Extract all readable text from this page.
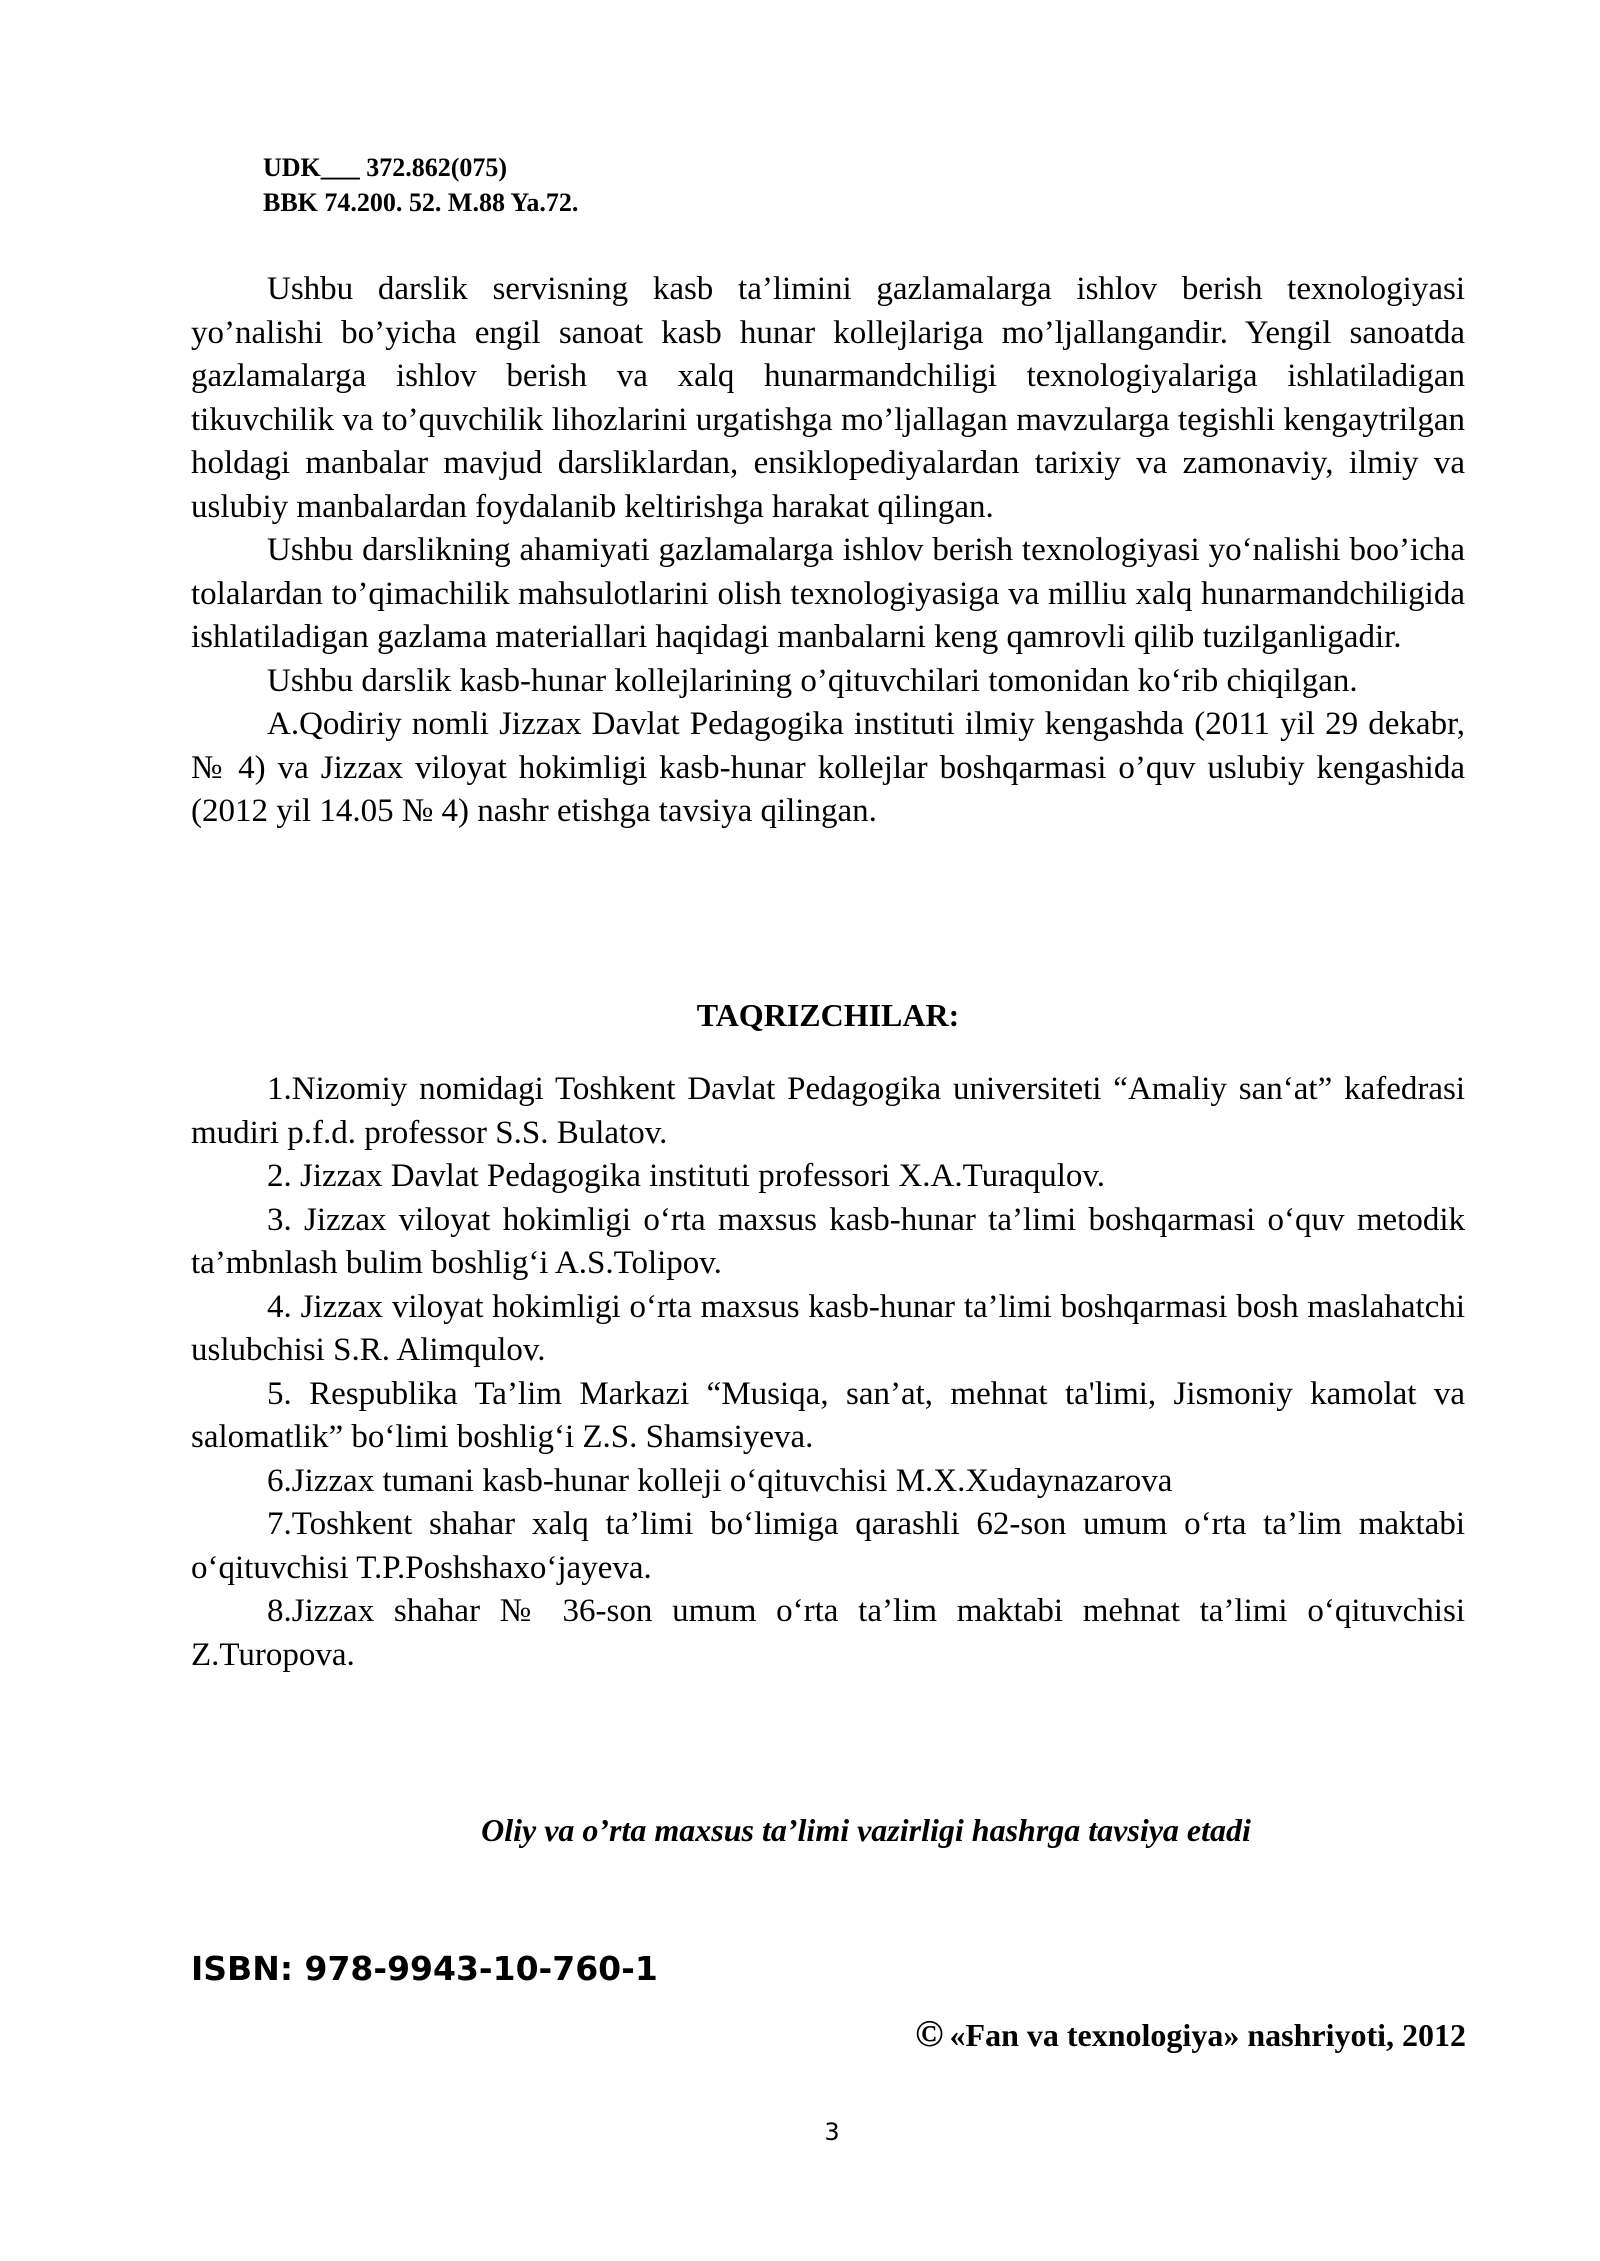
UDK___ 372.862(075)
BBK 74.200. 52. M.88 Ya.72.

Ushbu darslik servisning kasb ta’limini gazlamalarga ishlov berish texnologiyasi yo’nalishi bo’yicha engil sanoat kasb hunar kollejlariga mo’ljallangandir. Yengil sanoatda gazlamalarga ishlov berish va xalq hunarmandchiligi texnologiyalariga ishlatiladigan tikuvchilik va to’quvchilik lihozlarini urgatishga mo’ljallagan mavzularga tegishli kengaytrilgan holdagi manbalar mavjud darsliklardan, ensiklopediyalardan tarixiy va zamonaviy, ilmiy va uslubiy manbalardan foydalanib keltirishga harakat qilingan.

Ushbu darslikning ahamiyati gazlamalarga ishlov berish texnologiyasi yo‘nalishi boo’icha tolalardan to’qimachilik mahsulotlarini olish texnologiyasiga va milliu xalq hunarmandchiligida ishlatiladigan gazlama materiallari haqidagi manbalarni keng qamrovli qilib tuzilganligadir.

Ushbu darslik kasb-hunar kollejlarining o’qituvchilari tomonidan ko‘rib chiqilgan.

A.Qodiriy nomli Jizzax Davlat Pedagogika instituti ilmiy kengashda (2011 yil 29 dekabr, № 4) va Jizzax viloyat hokimligi kasb-hunar kollejlar boshqarmasi o’quv uslubiy kengashida (2012 yil 14.05 № 4) nashr etishga tavsiya qilingan.

TAQRIZCHILAR:

1.Nizomiy nomidagi Toshkent Davlat Pedagogika universiteti “Amaliy san‘at” kafedrasi mudiri p.f.d. professor S.S. Bulatov.

2. Jizzax Davlat Pedagogika instituti professori X.A.Turaqulov.

3. Jizzax viloyat hokimligi o‘rta maxsus kasb-hunar ta’limi boshqarmasi o‘quv metodik ta’mbnlash bulim boshlig‘i A.S.Tolipov.

4. Jizzax viloyat hokimligi o‘rta maxsus kasb-hunar ta’limi boshqarmasi bosh maslahatchi uslubchisi S.R. Alimqulov.

5. Respublika Ta’lim Markazi “Musiqa, san’at, mehnat ta'limi, Jismoniy kamolat va salomatlik” bo‘limi boshlig‘i Z.S. Shamsiyeva.

6.Jizzax tumani kasb-hunar kolleji o‘qituvchisi M.X.Xudaynazarova

7.Toshkent shahar xalq ta’limi bo‘limiga qarashli 62-son umum o‘rta ta’lim maktabi o‘qituvchisi T.P.Poshshaxo‘jayeva.

8.Jizzax shahar № 36-son umum o‘rta ta’lim maktabi mehnat ta’limi o‘qituvchisi Z.Turopova.

Oliy va o’rta maxsus ta’limi vazirligi hashrga tavsiya etadi
ISBN: 978-9943-10-760-1
© «Fan va texnologiya» nashriyoti, 2012
3
